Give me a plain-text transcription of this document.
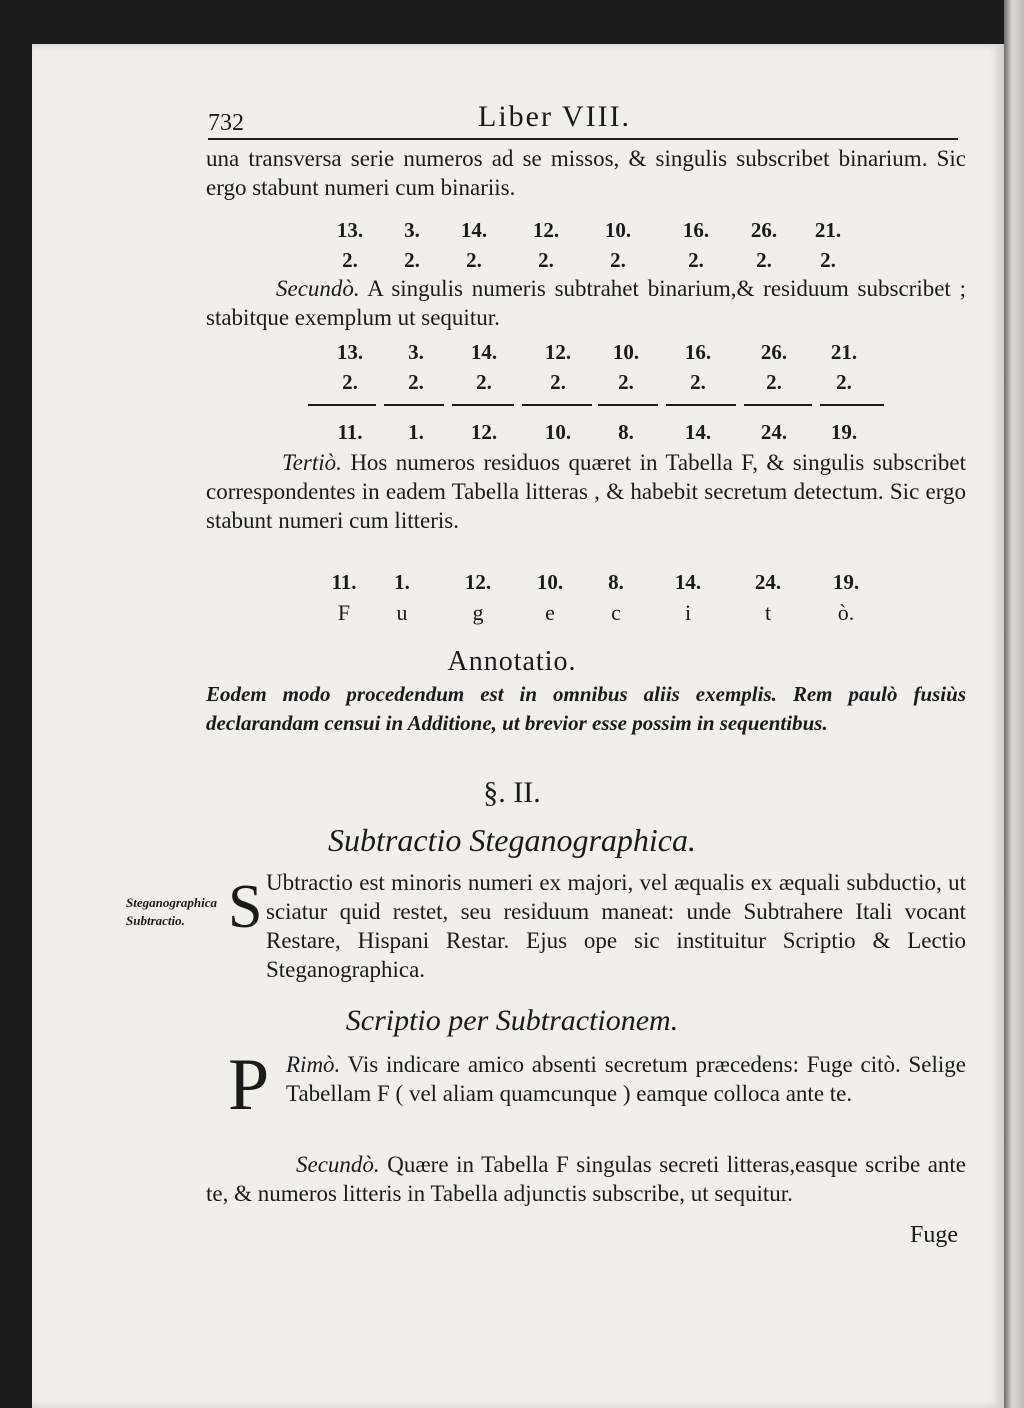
732	Liber VIII.
una transversa serie numeros ad se missos, & singulis subscribet binarium. Sic ergo stabunt numeri cum binariis.
13.	3.	14.	12.	10.	16.	26.	21.
2.	2.	2.	2.	2.	2.	2.	2.
Secundò. A singulis numeris subtrahet binarium,& residuum subscribet ; stabitque exemplum ut sequitur.
13.	3.	14.	12.	10.	16.	26.	21.
2.	2.	2.	2.	2.	2.	2.	2.
11.	1.	12.	10.	8.	14.	24.	19.
Tertiò. Hos numeros residuos quæret in Tabella F, & singulis subscribet correspondentes in eadem Tabella litteras , & habebit secretum detectum. Sic ergo stabunt numeri cum litteris.
11.	1.	12.	10.	8.	14.	24.	19.
F	u	g	e	c	i	t	ò.
Annotatio.
Eodem modo procedendum est in omnibus aliis exemplis. Rem paulò fusiùs declarandam censui in Additione, ut brevior esse possim in sequentibus.
§. II.
Subtractio Steganographica.
Steganographica Subtractio. S Ubtractio est minoris numeri ex majori, vel æqualis ex æquali subductio, ut sciatur quid restet, seu residuum maneat: unde Subtrahere Itali vocant Restare, Hispani Restar. Ejus ope sic instituitur Scriptio & Lectio Steganographica.
Scriptio per Subtractionem.
P Rimò. Vis indicare amico absenti secretum præcedens: Fuge citò. Selige Tabellam F ( vel aliam quamcunque ) eamque colloca ante te.
Secundò. Quære in Tabella F singulas secreti litteras,easque scribe ante te, & numeros litteris in Tabella adjunctis subscribe, ut sequitur.
Fuge
